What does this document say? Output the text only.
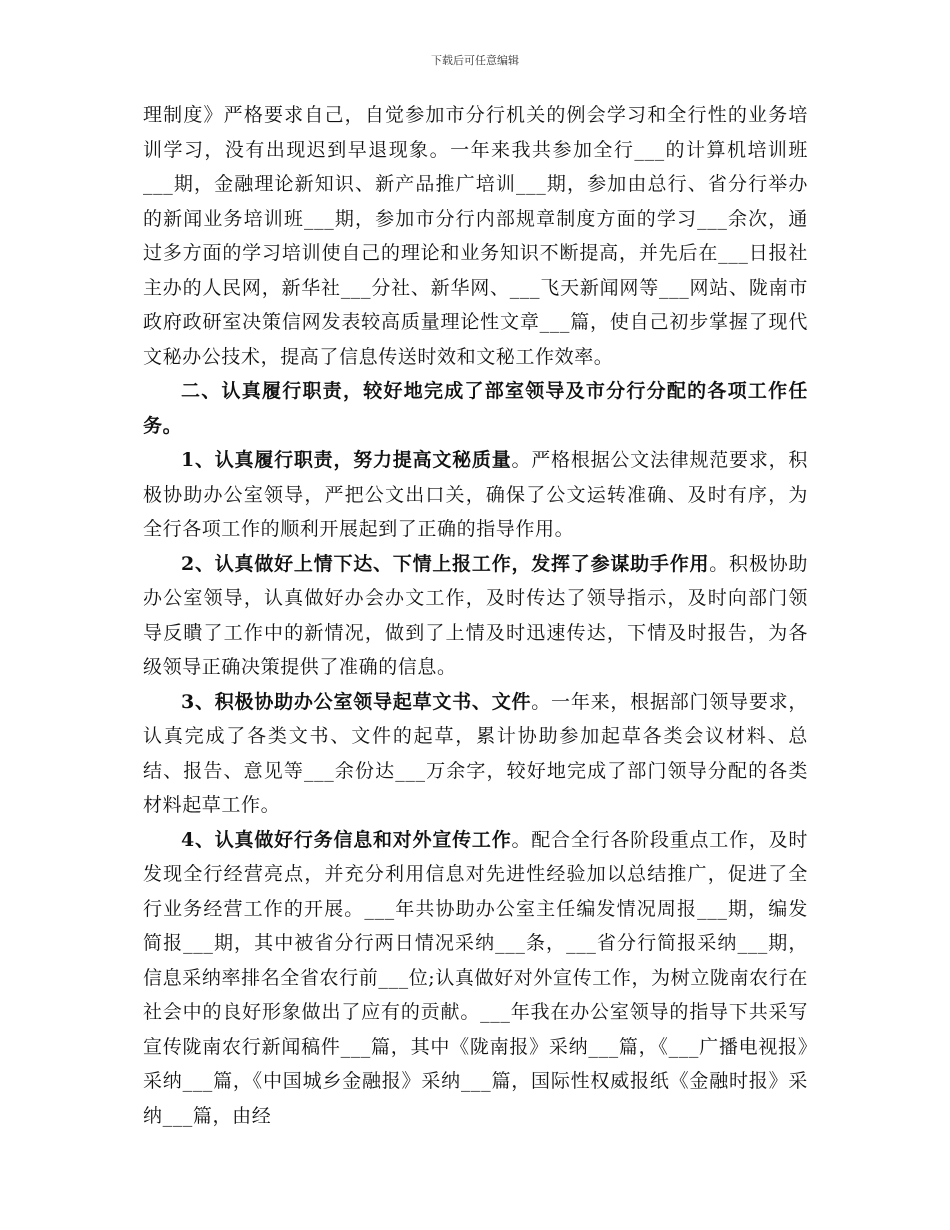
下载后可任意编辑

理制度》严格要求自己，自觉参加市分行机关的例会学习和全行性的业务培训学习，没有出现迟到早退现象。一年来我共参加全行___的计算机培训班___期，金融理论新知识、新产品推广培训___期，参加由总行、省分行举办的新闻业务培训班___期，参加市分行内部规章制度方面的学习___余次，通过多方面的学习培训使自己的理论和业务知识不断提高，并先后在___日报社主办的人民网，新华社___分社、新华网、___飞天新闻网等___网站、陇南市政府政研室决策信网发表较高质量理论性文章___篇，使自己初步掌握了现代文秘办公技术，提高了信息传送时效和文秘工作效率。

二、认真履行职责，较好地完成了部室领导及市分行分配的各项工作任务。

1、认真履行职责，努力提高文秘质量。严格根据公文法律规范要求，积极协助办公室领导，严把公文出口关，确保了公文运转准确、及时有序，为全行各项工作的顺利开展起到了正确的指导作用。

2、认真做好上情下达、下情上报工作，发挥了参谋助手作用。积极协助办公室领导，认真做好办会办文工作，及时传达了领导指示，及时向部门领导反瞶了工作中的新情况，做到了上情及时迅速传达，下情及时报告，为各级领导正确决策提供了准确的信息。

3、积极协助办公室领导起草文书、文件。一年来，根据部门领导要求，认真完成了各类文书、文件的起草，累计协助参加起草各类会议材料、总结、报告、意见等___余份达___万余字，较好地完成了部门领导分配的各类材料起草工作。

4、认真做好行务信息和对外宣传工作。配合全行各阶段重点工作，及时发现全行经营亮点，并充分利用信息对先进性经验加以总结推广，促进了全行业务经营工作的开展。___年共协助办公室主任编发情况周报___期，编发简报___期，其中被省分行两日情况采纳___条，___省分行简报采纳___期，信息采纳率排名全省农行前___位;认真做好对外宣传工作，为树立陇南农行在社会中的良好形象做出了应有的贡献。___年我在办公室领导的指导下共采写宣传陇南农行新闻稿件___篇，其中《陇南报》采纳___篇，《___广播电视报》采纳___篇，《中国城乡金融报》采纳___篇，国际性权威报纸《金融时报》采纳___篇，由经
